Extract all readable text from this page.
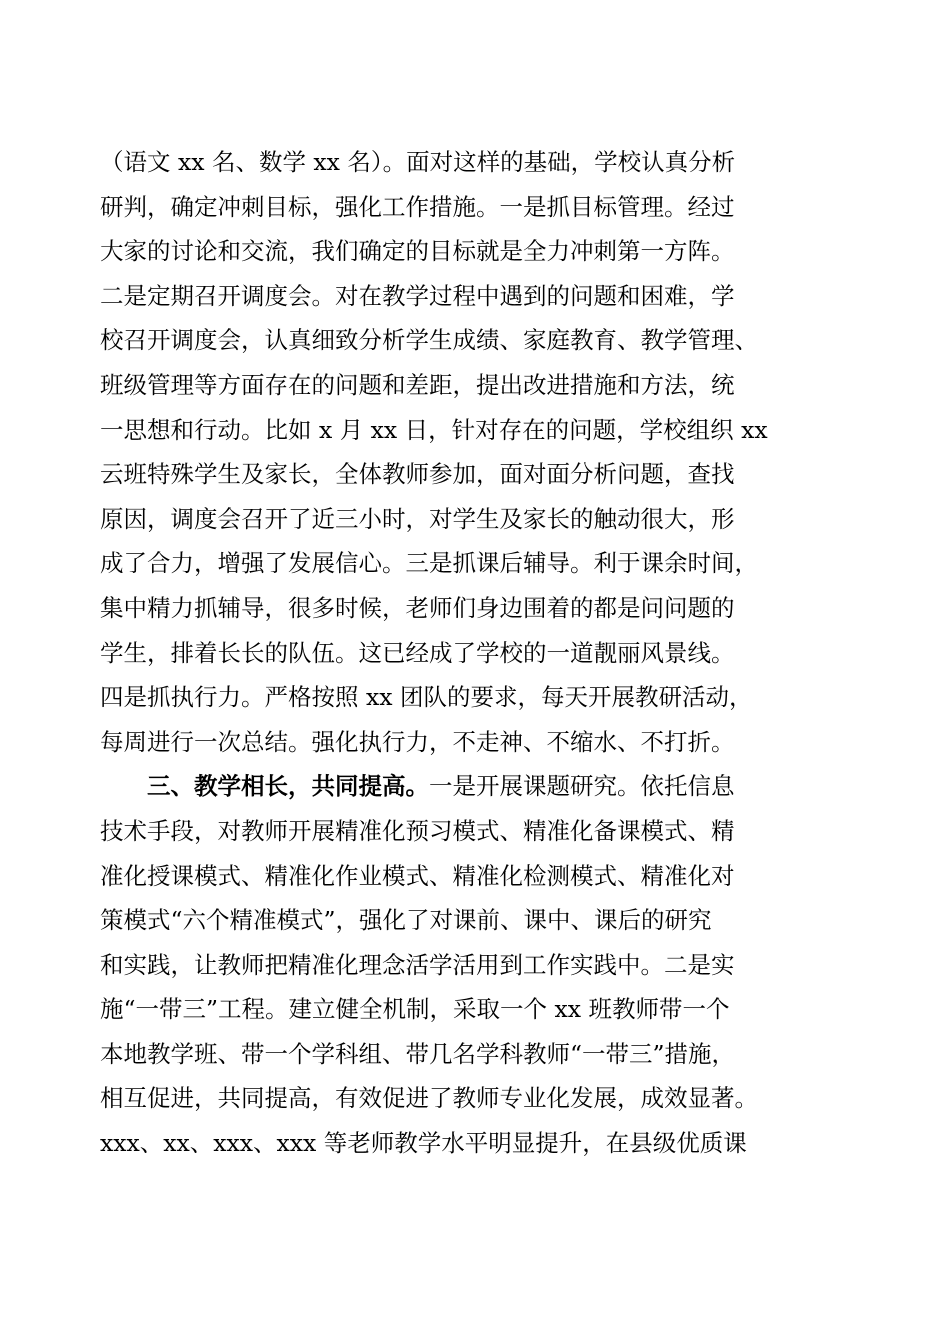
（语文 xx 名、数学 xx 名）。面对这样的基础，学校认真分析
研判，确定冲刺目标，强化工作措施。一是抓目标管理。经过
大家的讨论和交流，我们确定的目标就是全力冲刺第一方阵。
二是定期召开调度会。对在教学过程中遇到的问题和困难，学
校召开调度会，认真细致分析学生成绩、家庭教育、教学管理、
班级管理等方面存在的问题和差距，提出改进措施和方法，统
一思想和行动。比如 x 月 xx 日，针对存在的问题，学校组织 xx
云班特殊学生及家长，全体教师参加，面对面分析问题，查找
原因，调度会召开了近三小时，对学生及家长的触动很大，形
成了合力，增强了发展信心。三是抓课后辅导。利于课余时间，
集中精力抓辅导，很多时候，老师们身边围着的都是问问题的
学生，排着长长的队伍。这已经成了学校的一道靓丽风景线。
四是抓执行力。严格按照 xx 团队的要求，每天开展教研活动，
每周进行一次总结。强化执行力，不走神、不缩水、不打折。
三、教学相长，共同提高。一是开展课题研究。依托信息
技术手段，对教师开展精准化预习模式、精准化备课模式、精
准化授课模式、精准化作业模式、精准化检测模式、精准化对
策模式“六个精准模式”，强化了对课前、课中、课后的研究
和实践，让教师把精准化理念活学活用到工作实践中。二是实
施“一带三”工程。建立健全机制，采取一个 xx 班教师带一个
本地教学班、带一个学科组、带几名学科教师“一带三”措施，
相互促进，共同提高，有效促进了教师专业化发展，成效显著。
xxx、xx、xxx、xxx 等老师教学水平明显提升，在县级优质课
